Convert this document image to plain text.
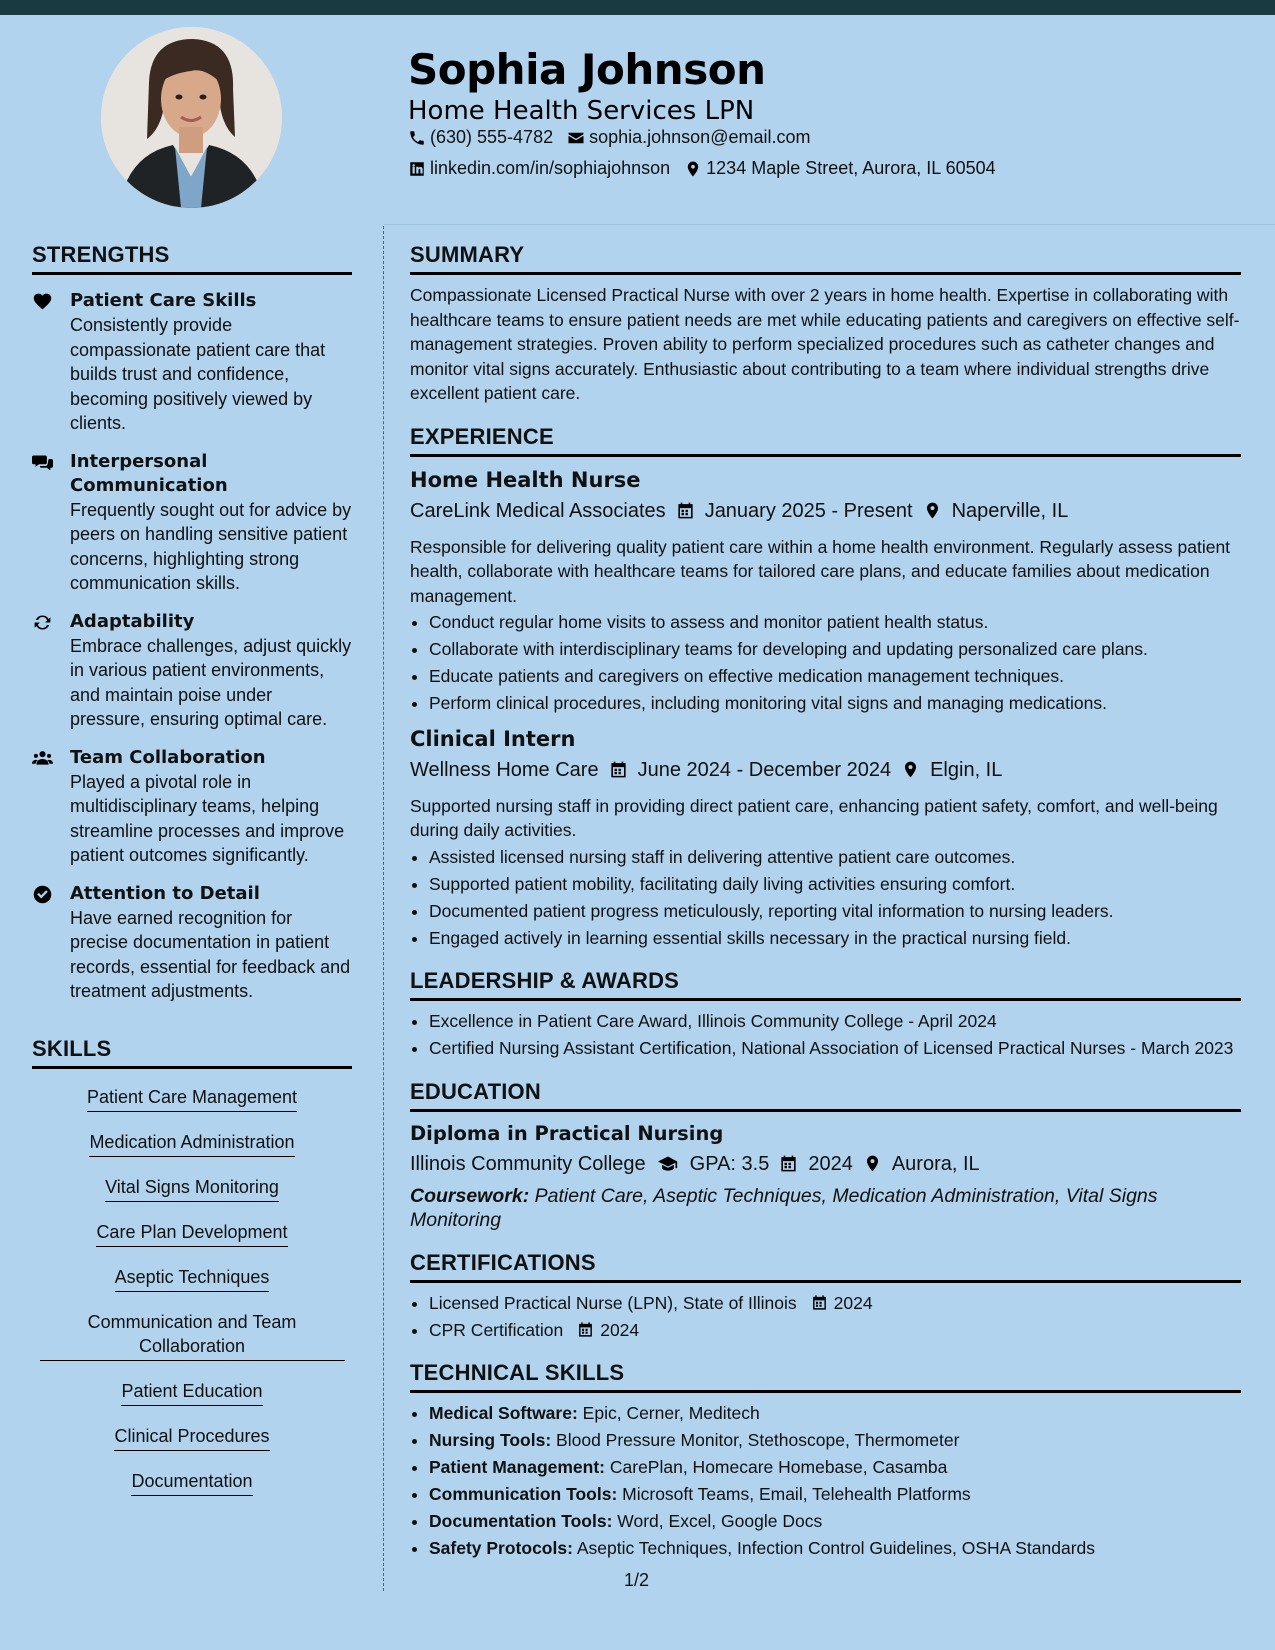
Sophia Johnson
Home Health Services LPN
(630) 555-4782 sophia.johnson@email.com
linkedin.com/in/sophiajohnson 1234 Maple Street, Aurora, IL 60504
STRENGTHS
Patient Care Skills
Consistently provide compassionate patient care that builds trust and confidence, becoming positively viewed by clients.
Interpersonal Communication
Frequently sought out for advice by peers on handling sensitive patient concerns, highlighting strong communication skills.
Adaptability
Embrace challenges, adjust quickly in various patient environments, and maintain poise under pressure, ensuring optimal care.
Team Collaboration
Played a pivotal role in multidisciplinary teams, helping streamline processes and improve patient outcomes significantly.
Attention to Detail
Have earned recognition for precise documentation in patient records, essential for feedback and treatment adjustments.
SKILLS
Patient Care Management
Medication Administration
Vital Signs Monitoring
Care Plan Development
Aseptic Techniques
Communication and Team Collaboration
Patient Education
Clinical Procedures
Documentation
SUMMARY

Compassionate Licensed Practical Nurse with over 2 years in home health. Expertise in collaborating with healthcare teams to ensure patient needs are met while educating patients and caregivers on effective self-management strategies. Proven ability to perform specialized procedures such as catheter changes and monitor vital signs accurately. Enthusiastic about contributing to a team where individual strengths drive excellent patient care.

EXPERIENCE
Home Health Nurse
CareLink Medical Associates January 2025 - Present Naperville, IL

Responsible for delivering quality patient care within a home health environment. Regularly assess patient health, collaborate with healthcare teams for tailored care plans, and educate families about medication management.

• Conduct regular home visits to assess and monitor patient health status.
• Collaborate with interdisciplinary teams for developing and updating personalized care plans.
• Educate patients and caregivers on effective medication management techniques.
• Perform clinical procedures, including monitoring vital signs and managing medications.
Clinical Intern
Wellness Home Care June 2024 - December 2024 Elgin, IL

Supported nursing staff in providing direct patient care, enhancing patient safety, comfort, and well-being during daily activities.

• Assisted licensed nursing staff in delivering attentive patient care outcomes.
• Supported patient mobility, facilitating daily living activities ensuring comfort.
• Documented patient progress meticulously, reporting vital information to nursing leaders.
• Engaged actively in learning essential skills necessary in the practical nursing field.
LEADERSHIP & AWARDS
• Excellence in Patient Care Award, Illinois Community College - April 2024
• Certified Nursing Assistant Certification, National Association of Licensed Practical Nurses - March 2023
EDUCATION
Diploma in Practical Nursing
Illinois Community College GPA: 3.5 2024 Aurora, IL
Coursework: Patient Care, Aseptic Techniques, Medication Administration, Vital Signs Monitoring
CERTIFICATIONS
• Licensed Practical Nurse (LPN), State of Illinois 2024
• CPR Certification 2024
TECHNICAL SKILLS
• Medical Software: Epic, Cerner, Meditech
• Nursing Tools: Blood Pressure Monitor, Stethoscope, Thermometer
• Patient Management: CarePlan, Homecare Homebase, Casamba
• Communication Tools: Microsoft Teams, Email, Telehealth Platforms
• Documentation Tools: Word, Excel, Google Docs
• Safety Protocols: Aseptic Techniques, Infection Control Guidelines, OSHA Standards
1/2
